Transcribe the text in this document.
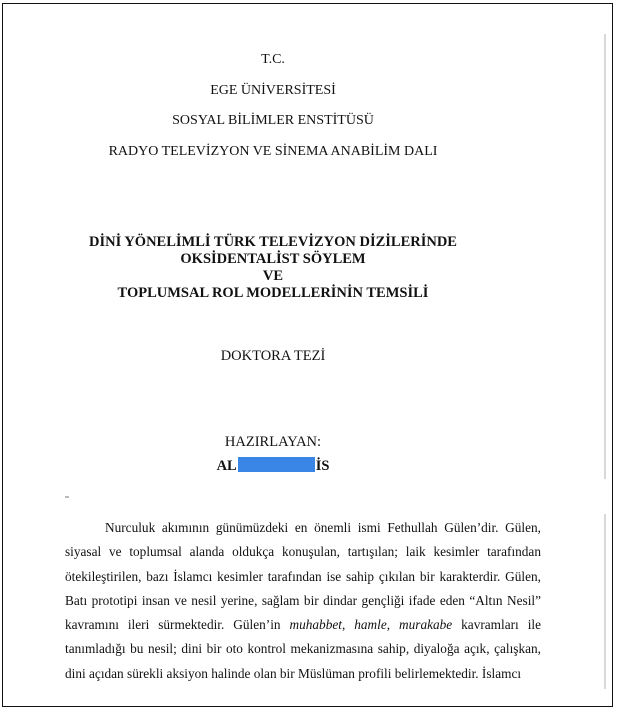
T.C.
EGE ÜNİVERSİTESİ
SOSYAL BİLİMLER ENSTİTÜSÜ
RADYO TELEVİZYON VE SİNEMA ANABİLİM DALI
DİNİ YÖNELİMLİ TÜRK TELEVİZYON DİZİLERİNDE
OKSİDENTALİST SÖYLEM
VE
TOPLUMSAL ROL MODELLERİNİN TEMSİLİ
DOKTORA TEZİ
HAZIRLAYAN:
AL	İS

Nurculuk akımının günümüzdeki en önemli ismi Fethullah Gülen’dir. Gülen, siyasal ve toplumsal alanda oldukça konuşulan, tartışılan; laik kesimler tarafından ötekileştirilen, bazı İslamcı kesimler tarafından ise sahip çıkılan bir karakterdir. Gülen, Batı prototipi insan ve nesil yerine, sağlam bir dindar gençliği ifade eden “Altın Nesil” kavramını ileri sürmektedir. Gülen’in muhabbet, hamle, murakabe kavramları ile tanımladığı bu nesil; dini bir oto kontrol mekanizmasına sahip, diyaloğa açık, çalışkan, dini açıdan sürekli aksiyon halinde olan bir Müslüman profili belirlemektedir. İslamcı
